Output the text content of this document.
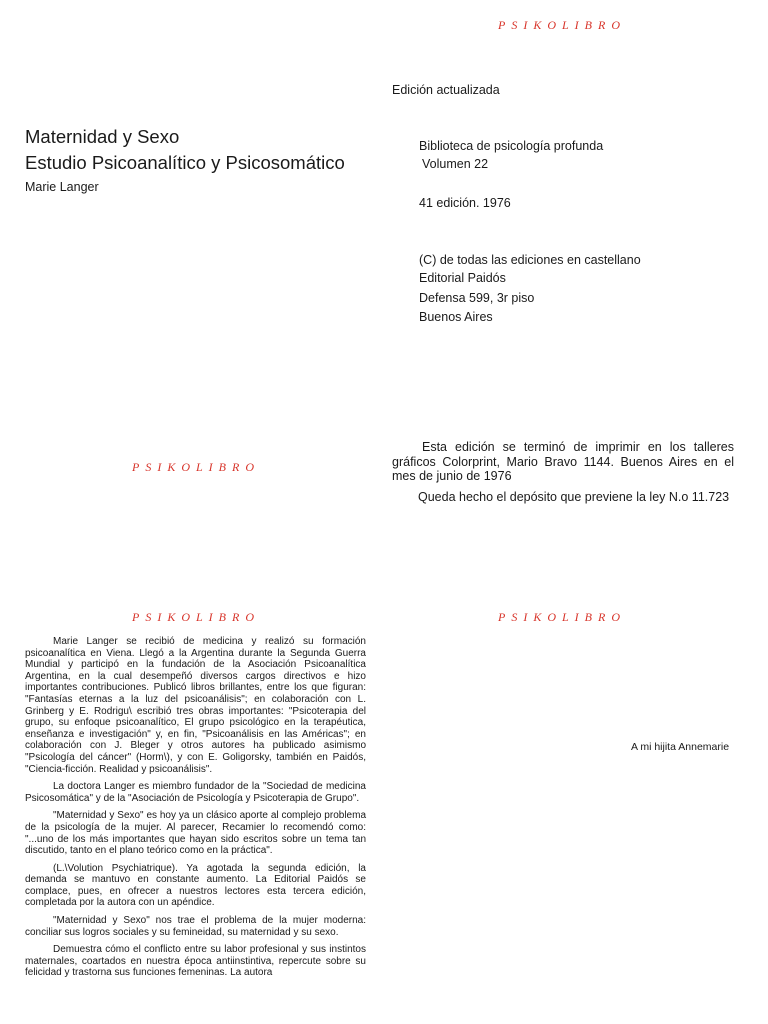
PSIKOLIBRO
PSIKOLIBRO
PSIKOLIBRO	PSIKOLIBRO
Maternidad y Sexo
Estudio Psicoanalítico y Psicosomático
Marie Langer
Edición actualizada
Biblioteca de psicología profunda
Volumen 22
41 edición. 1976
(C) de todas las ediciones en castellano
Editorial Paidós
Defensa 599, 3r piso
Buenos Aires

Esta edición se terminó de imprimir en los talleres gráficos Colorprint, Mario Bravo 1144. Buenos Aires en el mes de junio de 1976

Queda hecho el depósito que previene la ley N.o 11.723

A mi hijita Annemarie

Marie Langer se recibió de medicina y realizó su formación psicoanalítica en Viena. Llegó a la Argentina durante la Segunda Guerra Mundial y participó en la fundación de la Asociación Psicoanalítica Argentina, en la cual desempeñó diversos cargos directivos e hizo importantes contribuciones. Publicó libros brillantes, entre los que figuran: "Fantasías eternas a la luz del psicoanálisis"; en colaboración con L. Grinberg y E. Rodrigu\ escribió tres obras importantes: "Psicoterapia del grupo, su enfoque psicoanalítico, El grupo psicológico en la terapéutica, enseñanza e investigación" y, en fin, "Psicoanálisis en las Américas"; en colaboración con J. Bleger y otros autores ha publicado asimismo "Psicología del cáncer" (Horm\), y con E. Goligorsky, también en Paidós, "Ciencia-ficción. Realidad y psicoanálisis".

La doctora Langer es miembro fundador de la "Sociedad de medicina Psicosomática" y de la "Asociación de Psicología y Psicoterapia de Grupo".

"Maternidad y Sexo" es hoy ya un clásico aporte al complejo problema de la psicología de la mujer. Al parecer, Recamier lo recomendó como: "...uno de los más importantes que hayan sido escritos sobre un tema tan discutido, tanto en el plano teórico como en la práctica".

(L.\Volution Psychiatrique). Ya agotada la segunda edición, la demanda se mantuvo en constante aumento. La Editorial Paidós se complace, pues, en ofrecer a nuestros lectores esta tercera edición, completada por la autora con un apéndice.

"Maternidad y Sexo" nos trae el problema de la mujer moderna: conciliar sus logros sociales y su femineidad, su maternidad y su sexo.

Demuestra cómo el conflicto entre su labor profesional y sus instintos maternales, coartados en nuestra época antiinstintiva, repercute sobre su felicidad y trastorna sus funciones femeninas. La autora
